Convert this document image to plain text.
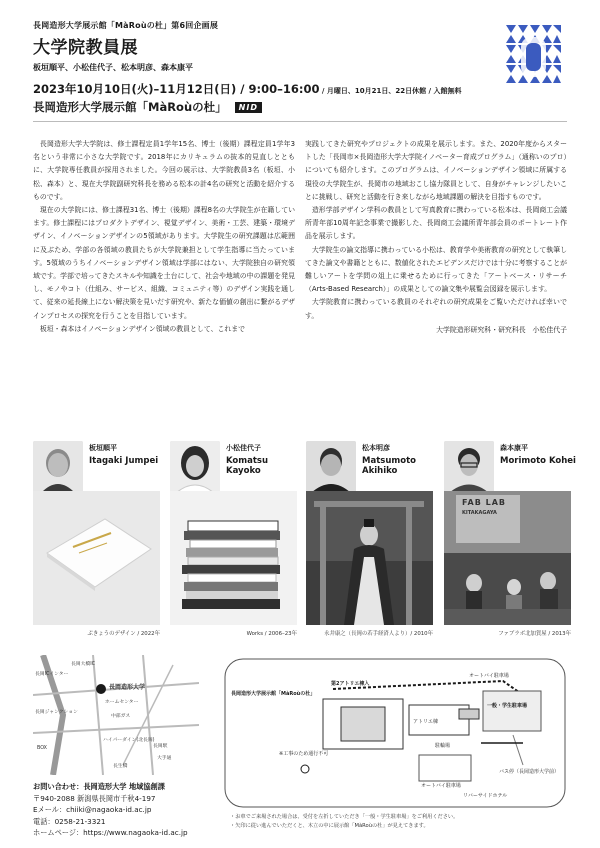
長岡造形大学展示館「MàRoùの杜」第6回企画展
大学院教員展
板垣順平、小松佳代子、松本明彦、森本康平
2023年10月10日(火)–11月12日(日) / 9:00–16:00 / 月曜日、10月21日、22日休館 / 入館無料
長岡造形大学展示館「MàRoùの杜」	NID

長岡造形大学大学院は、修士課程定員1学年15名、博士（後期）課程定員1学年3名という非常に小さな大学院です。2018年にカリキュラムの抜本的見直しとともに、大学院専任教員が採用されました。今回の展示は、大学院教員3名（板垣、小松、森本）と、現在大学院副研究科長を務める松本の計4名の研究と活動を紹介するものです。

現在の大学院には、修士課程31名、博士（後期）課程8名の大学院生が在籍しています。修士課程にはプロダクトデザイン、視覚デザイン、美術・工芸、建築・環境デザイン、イノベーションデザインの5領域があります。大学院生の研究課題は広範囲に及ぶため、学部の各領域の教員たちが大学院兼担として学生指導に当たっています。5領域のうちイノベーションデザイン領域は学部にはない、大学院独自の研究領域です。学部で培ってきたスキルや知識を土台にして、社会や地域の中の課題を発見し、モノやコト（仕組み、サービス、組織、コミュニティ等）のデザイン実践を通して、従来の延長線上にない解決策を見いだす研究や、新たな価値の創出に繋がるデザインプロセスの探究を行うことを目指しています。

板垣・森本はイノベーションデザイン領域の教員として、これまで

実践してきた研究やプロジェクトの成果を展示します。また、2020年度からスタートした「長岡市×長岡造形大学大学院イノベーター育成プログラム」（通称いのプロ）についても紹介します。このプログラムは、イノベーションデザイン領域に所属する現役の大学院生が、長岡市の地域おこし協力隊員として、自身がチャレンジしたいことに挑戦し、研究と活動を行き来しながら地域課題の解決を目指すものです。

造形学部デザイン学科の教員として写真教育に携わっている松本は、長岡商工会議所青年部10周年記念事業で撮影した、長岡商工会議所青年部会員のポートレート作品を展示します。

大学院生の論文指導に携わっている小松は、教育学や美術教育の研究として執筆してきた論文や書籍とともに、数値化されたエビデンスだけでは十分に考察することが難しいアートを学問の俎上に乗せるために行ってきた「アートベース・リサーチ（Arts-Based Research）」の成果としての論文集や展覧会図録を展示します。

大学院教育に携わっている教員のそれぞれの研究成果をご覧いただければ幸いです。

大学院造形研究科・研究科長　小松佳代子

板垣順平
Itagaki Jumpei
小松佳代子
Komatsu
Kayoko
松本明彦
Matsumoto
Akihiko
森本康平
Morimoto Kohei
FAB LAB
KITAKAGAYA
ぷきょうのデザイン / 2022年	Works / 2006–23年	永井康之（長岡の若手経済人より）/ 2010年	ファブラボ北加賀屋 / 2013年
長岡大橋IC
長岡ICインター
長岡造形大学
長岡ジャンクション
ホームセンター
中部ガス
ハイパーダイン(北長岡)
長岡駅
大手通
BOX
長生橋
第2アトリエ棟入
長岡造形大学展示館「MàRoùの杜」
アトリエ棟
オートバイ駐車場
一般・学生駐車場
バス停（長岡造形大学前）
※工事のため通行不可
オートバイ駐車場
リバーサイドホテル
駐輪場
お問い合わせ：長岡造形大学 地域協創課
〒940-2088 新潟県長岡市千秋4-197
Eメール：chiiki@nagaoka-id.ac.jp
電話：0258-21-3321
ホームページ：https://www.nagaoka-id.ac.jp
・お車でご来場された場合は、受付を左折していただき「一般・学生駐車場」をご利用ください。
・矢印に従い進んでいただくと、木立の中に展示館「MàRoùの杜」が見えてきます。
